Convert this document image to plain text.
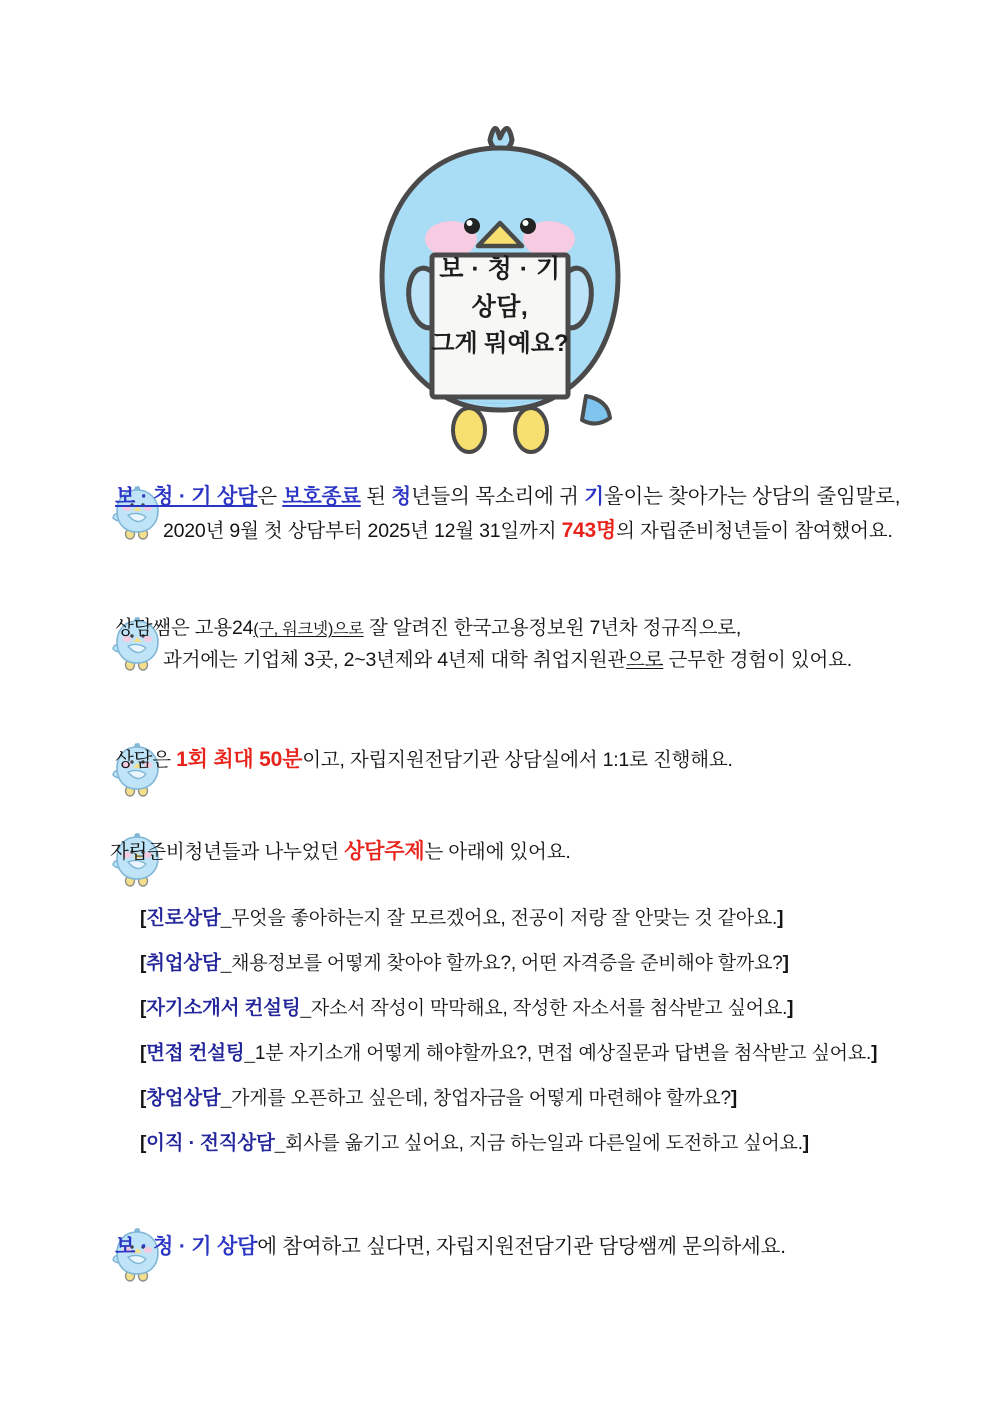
보 · 청 · 기
상담,
그게 뭐예요?
보 · 청 · 기 상담은 보호종료 된 청년들의 목소리에 귀 기울이는 찾아가는 상담의 줄임말로,
2020년 9월 첫 상담부터 2025년 12월 31일까지 743명의 자립준비청년들이 참여했어요.
상담쌤은 고용24(구, 워크넷)으로 잘 알려진 한국고용정보원 7년차 정규직으로,
과거에는 기업체 3곳, 2~3년제와 4년제 대학 취업지원관으로 근무한 경험이 있어요.
상담은 1회 최대 50분이고, 자립지원전담기관 상담실에서 1:1로 진행해요.
자립준비청년들과 나누었던 상담주제는 아래에 있어요.
[진로상담_무엇을 좋아하는지 잘 모르겠어요, 전공이 저랑 잘 안맞는 것 같아요.]
[취업상담_채용정보를 어떻게 찾아야 할까요?, 어떤 자격증을 준비해야 할까요?]
[자기소개서 컨설팅_자소서 작성이 막막해요, 작성한 자소서를 첨삭받고 싶어요.]
[면접 컨설팅_1분 자기소개 어떻게 해야할까요?, 면접 예상질문과 답변을 첨삭받고 싶어요.]
[창업상담_가게를 오픈하고 싶은데, 창업자금을 어떻게 마련해야 할까요?]
[이직 · 전직상담_회사를 옮기고 싶어요, 지금 하는일과 다른일에 도전하고 싶어요.]
보 · 청 · 기 상담에 참여하고 싶다면, 자립지원전담기관 담당쌤께 문의하세요.
